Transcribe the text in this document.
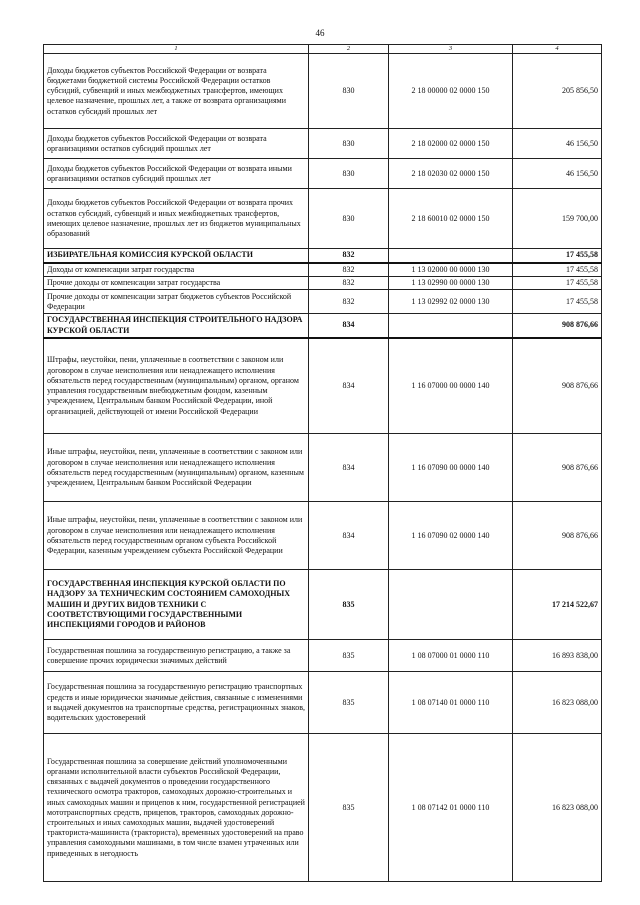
46
1	2	3	4
Доходы бюджетов субъектов Российской Федерации от возврата бюджетами бюджетной системы Российской Федерации остатков субсидий, субвенций и иных межбюджетных трансфертов, имеющих целевое назначение, прошлых лет, а также от возврата организациями остатков субсидий прошлых лет	830	2 18 00000 02 0000 150	205 856,50
Доходы бюджетов субъектов Российской Федерации от возврата организациями остатков субсидий прошлых лет	830	2 18 02000 02 0000 150	46 156,50
Доходы бюджетов субъектов Российской Федерации от возврата иными организациями остатков субсидий прошлых лет	830	2 18 02030 02 0000 150	46 156,50
Доходы бюджетов субъектов Российской Федерации от возврата прочих остатков субсидий, субвенций и иных межбюджетных трансфертов, имеющих целевое назначение, прошлых лет из бюджетов муниципальных образований	830	2 18 60010 02 0000 150	159 700,00
ИЗБИРАТЕЛЬНАЯ КОМИССИЯ КУРСКОЙ ОБЛАСТИ	832		17 455,58
Доходы от компенсации затрат государства	832	1 13 02000 00 0000 130	17 455,58
Прочие доходы от компенсации затрат государства	832	1 13 02990 00 0000 130	17 455,58
Прочие доходы от компенсации затрат бюджетов субъектов Российской Федерации	832	1 13 02992 02 0000 130	17 455,58
ГОСУДАРСТВЕННАЯ ИНСПЕКЦИЯ СТРОИТЕЛЬНОГО НАДЗОРА КУРСКОЙ ОБЛАСТИ	834		908 876,66
Штрафы, неустойки, пени, уплаченные в соответствии с законом или договором в случае неисполнения или ненадлежащего исполнения обязательств перед государственным (муниципальным) органом, органом управления государственным внебюджетным фондом, казенным учреждением, Центральным банком Российской Федерации, иной организацией, действующей от имени Российской Федерации	834	1 16 07000 00 0000 140	908 876,66
Иные штрафы, неустойки, пени, уплаченные в соответствии с законом или договором в случае неисполнения или ненадлежащего исполнения обязательств перед государственным (муниципальным) органом, казенным учреждением, Центральным банком Российской Федерации	834	1 16 07090 00 0000 140	908 876,66
Иные штрафы, неустойки, пени, уплаченные в соответствии с законом или договором в случае неисполнения или ненадлежащего исполнения обязательств перед государственным органом субъекта Российской Федерации, казенным учреждением субъекта Российской Федерации	834	1 16 07090 02 0000 140	908 876,66
ГОСУДАРСТВЕННАЯ ИНСПЕКЦИЯ КУРСКОЙ ОБЛАСТИ ПО НАДЗОРУ ЗА ТЕХНИЧЕСКИМ СОСТОЯНИЕМ САМОХОДНЫХ МАШИН И ДРУГИХ ВИДОВ ТЕХНИКИ С СООТВЕТСТВУЮЩИМИ ГОСУДАРСТВЕННЫМИ ИНСПЕКЦИЯМИ ГОРОДОВ И РАЙОНОВ	835		17 214 522,67
Государственная пошлина за государственную регистрацию, а также за совершение прочих юридически значимых действий	835	1 08 07000 01 0000 110	16 893 838,00
Государственная пошлина за государственную регистрацию транспортных средств и иные юридически значимые действия, связанные с изменениями и выдачей документов на транспортные средства, регистрационных знаков, водительских удостоверений	835	1 08 07140 01 0000 110	16 823 088,00
Государственная пошлина за совершение действий уполномоченными органами исполнительной власти субъектов Российской Федерации, связанных с выдачей документов о проведении государственного технического осмотра тракторов, самоходных дорожно-строительных и иных самоходных машин и прицепов к ним, государственной регистрацией мототранспортных средств, прицепов, тракторов, самоходных дорожно-строительных и иных самоходных машин, выдачей удостоверений тракториста-машиниста (тракториста), временных удостоверений на право управления самоходными машинами, в том числе взамен утраченных или приведенных в негодность	835	1 08 07142 01 0000 110	16 823 088,00
